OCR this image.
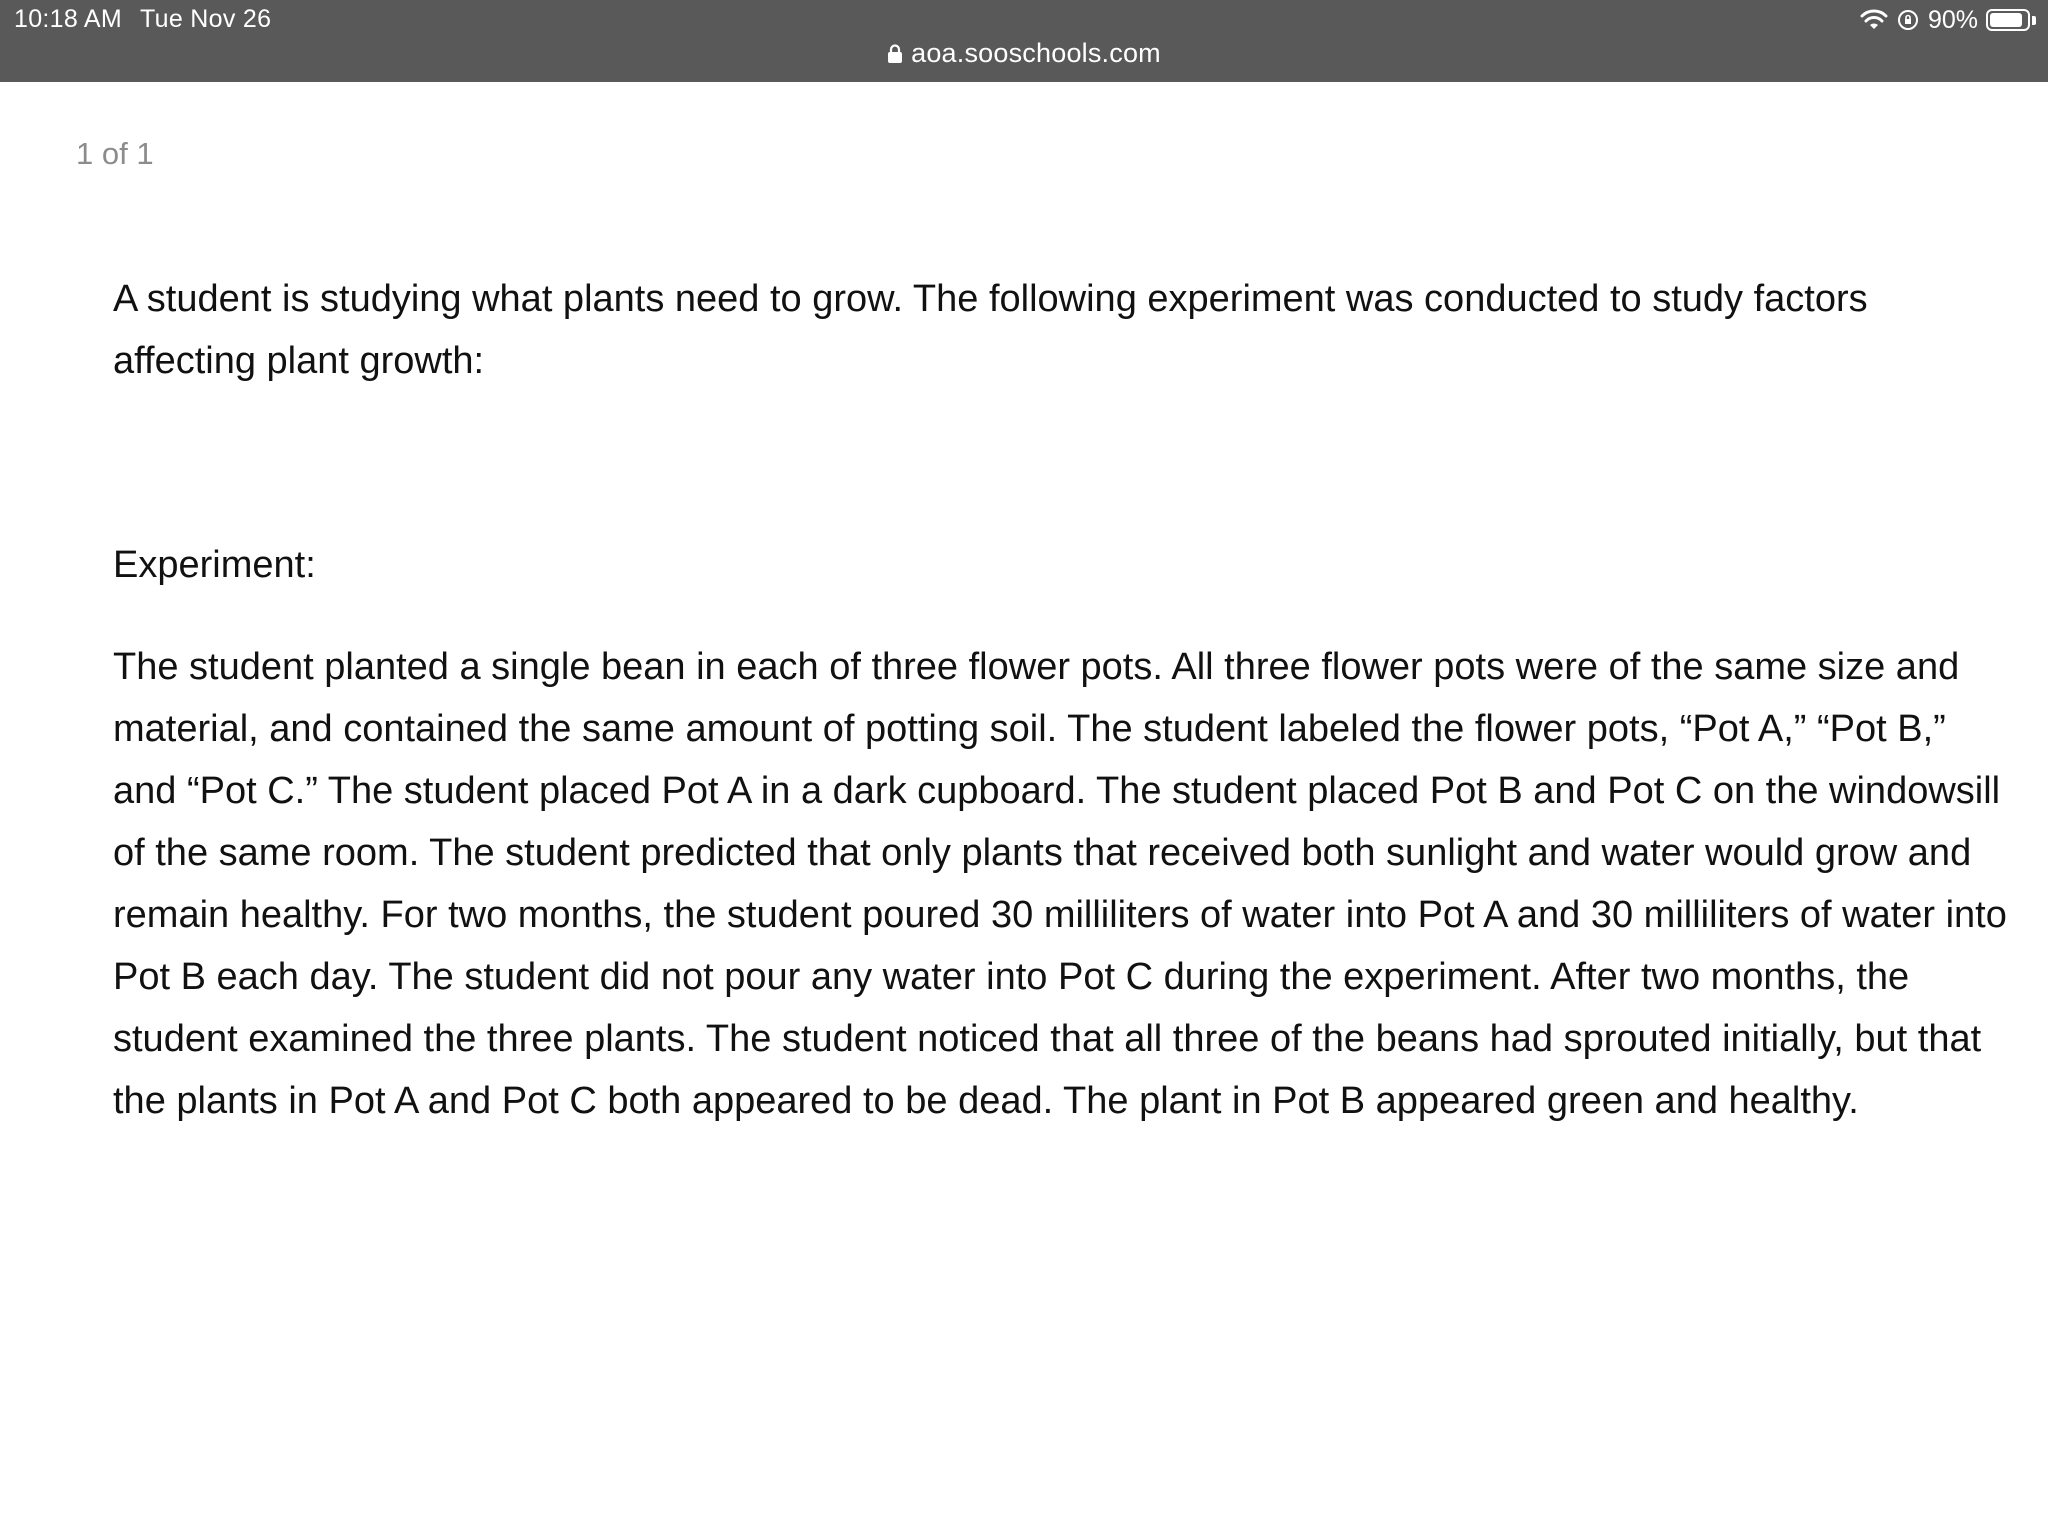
10:18 AM Tue Nov 26	90%
aoa.sooschools.com
1 of 1

A student is studying what plants need to grow. The following experiment was conducted to study factors affecting plant growth:

Experiment:

The student planted a single bean in each of three flower pots. All three flower pots were of the same size and material, and contained the same amount of potting soil. The student labeled the flower pots, “Pot A,” “Pot B,” and “Pot C.” The student placed Pot A in a dark cupboard. The student placed Pot B and Pot C on the windowsill of the same room. The student predicted that only plants that received both sunlight and water would grow and remain healthy. For two months, the student poured 30 milliliters of water into Pot A and 30 milliliters of water into Pot B each day. The student did not pour any water into Pot C during the experiment. After two months, the student examined the three plants. The student noticed that all three of the beans had sprouted initially, but that the plants in Pot A and Pot C both appeared to be dead. The plant in Pot B appeared green and healthy.
